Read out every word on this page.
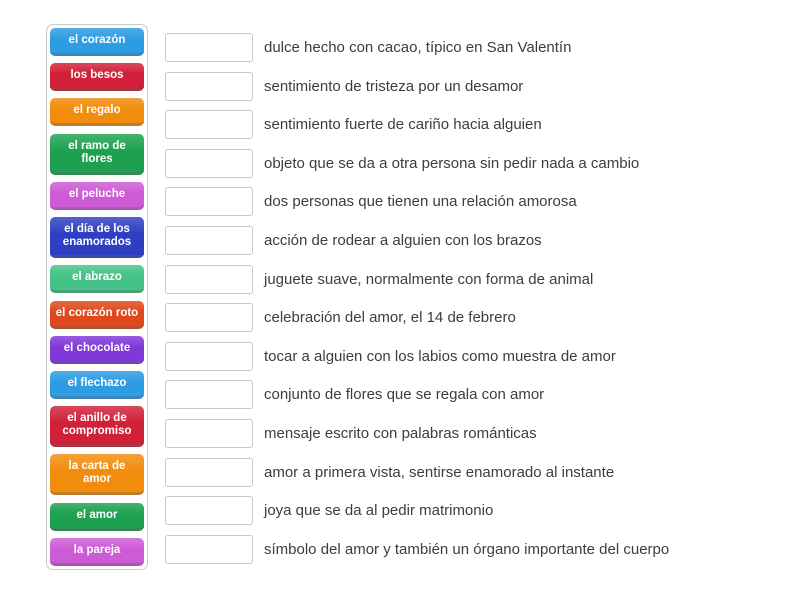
el corazón
los besos
el regalo
el ramo de flores
el peluche
el día de los enamorados
el abrazo
el corazón roto
el chocolate
el flechazo
el anillo de compromiso
la carta de amor
el amor
la pareja
dulce hecho con cacao, típico en San Valentín
sentimiento de tristeza por un desamor
sentimiento fuerte de cariño hacia alguien
objeto que se da a otra persona sin pedir nada a cambio
dos personas que tienen una relación amorosa
acción de rodear a alguien con los brazos
juguete suave, normalmente con forma de animal
celebración del amor, el 14 de febrero
tocar a alguien con los labios como muestra de amor
conjunto de flores que se regala con amor
mensaje escrito con palabras románticas
amor a primera vista, sentirse enamorado al instante
joya que se da al pedir matrimonio
símbolo del amor y también un órgano importante del cuerpo
